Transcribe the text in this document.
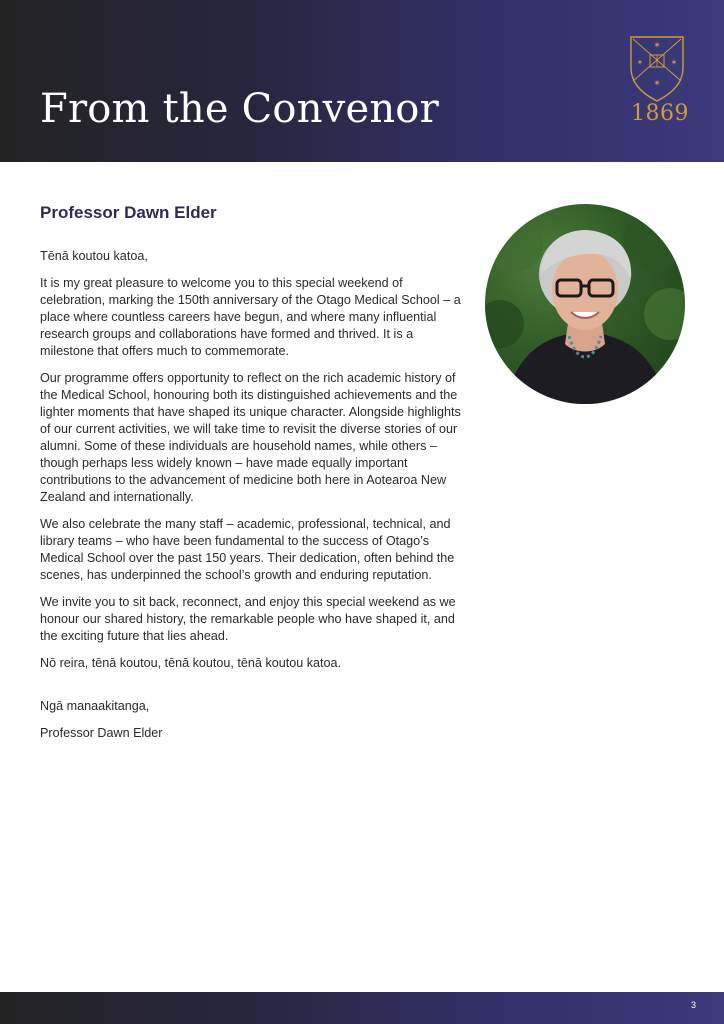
From the Convenor
✶
✶	✶
✶
1869
Professor Dawn Elder

Tēnā koutou katoa,

It is my great pleasure to welcome you to this special weekend of celebration, marking the 150th anniversary of the Otago Medical School – a place where countless careers have begun, and where many influential research groups and collaborations have formed and thrived. It is a milestone that offers much to commemorate.

Our programme offers opportunity to reflect on the rich academic history of the Medical School, honouring both its distinguished achievements and the lighter moments that have shaped its unique character. Alongside highlights of our current activities, we will take time to revisit the diverse stories of our alumni. Some of these individuals are household names, while others – though perhaps less widely known – have made equally important contributions to the advancement of medicine both here in Aotearoa New Zealand and internationally.

We also celebrate the many staff – academic, professional, technical, and library teams – who have been fundamental to the success of Otago’s Medical School over the past 150 years. Their dedication, often behind the scenes, has underpinned the school’s growth and enduring reputation.

We invite you to sit back, reconnect, and enjoy this special weekend as we honour our shared history, the remarkable people who have shaped it, and the exciting future that lies ahead.

Nō reira, tēnā koutou, tēnā koutou, tēnā koutou katoa.

Ngā manaakitanga,

Professor Dawn Elder

3
